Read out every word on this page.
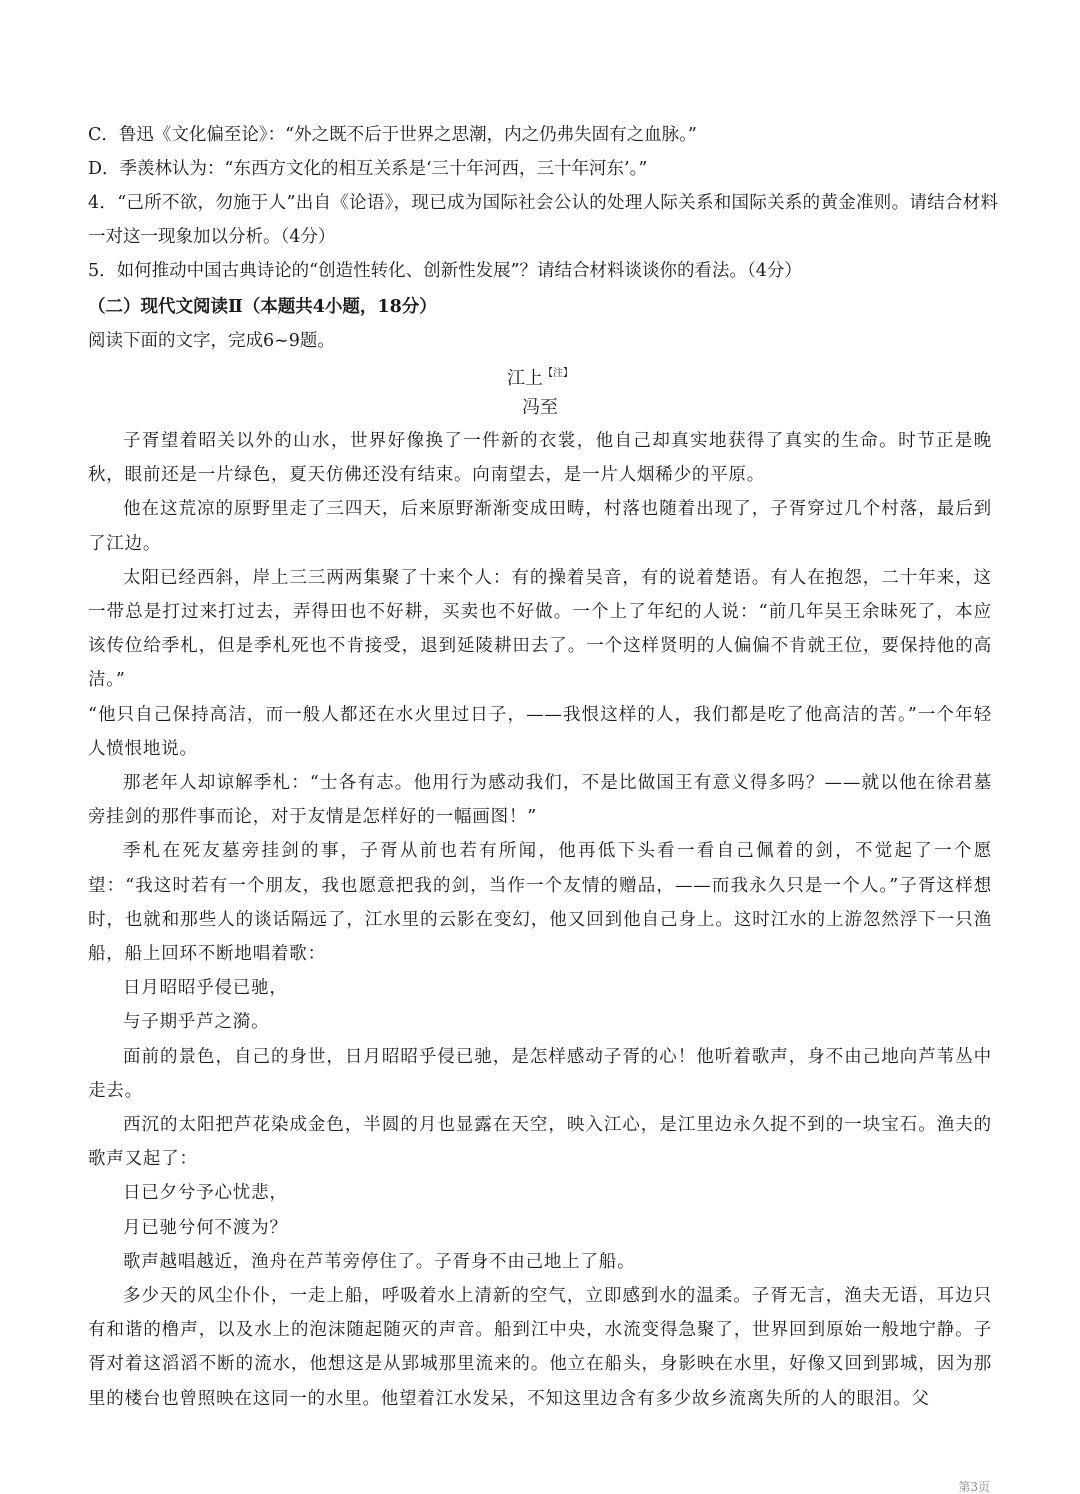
C．鲁迅《文化偏至论》：“外之既不后于世界之思潮，内之仍弗失固有之血脉。”

D．季羡林认为：“东西方文化的相互关系是‘三十年河西，三十年河东’。”

4．“己所不欲，勿施于人”出自《论语》，现已成为国际社会公认的处理人际关系和国际关系的黄金准则。请结合材料一对这一现象加以分析。（4分）

5．如何推动中国古典诗论的“创造性转化、创新性发展”？请结合材料谈谈你的看法。（4分）

（二）现代文阅读Ⅱ（本题共4小题，18分）
阅读下面的文字，完成6~9题。
江上$^{【注】}$
冯至

子胥望着昭关以外的山水，世界好像换了一件新的衣裳，他自己却真实地获得了真实的生命。时节正是晚秋，眼前还是一片绿色，夏天仿佛还没有结束。向南望去，是一片人烟稀少的平原。

他在这荒凉的原野里走了三四天，后来原野渐渐变成田畴，村落也随着出现了，子胥穿过几个村落，最后到了江边。

太阳已经西斜，岸上三三两两集聚了十来个人：有的操着吴音，有的说着楚语。有人在抱怨，二十年来，这一带总是打过来打过去，弄得田也不好耕，买卖也不好做。一个上了年纪的人说：“前几年吴王余昧死了，本应该传位给季札，但是季札死也不肯接受，退到延陵耕田去了。一个这样贤明的人偏偏不肯就王位，要保持他的高洁。”

“他只自己保持高洁，而一般人都还在水火里过日子，——我恨这样的人，我们都是吃了他高洁的苦。”一个年轻人愤恨地说。

那老年人却谅解季札：“士各有志。他用行为感动我们，不是比做国王有意义得多吗？——就以他在徐君墓旁挂剑的那件事而论，对于友情是怎样好的一幅画图！”

季札在死友墓旁挂剑的事，子胥从前也若有所闻，他再低下头看一看自己佩着的剑，不觉起了一个愿望：“我这时若有一个朋友，我也愿意把我的剑，当作一个友情的赠品，——而我永久只是一个人。”子胥这样想时，也就和那些人的谈话隔远了，江水里的云影在变幻，他又回到他自己身上。这时江水的上游忽然浮下一只渔船，船上回环不断地唱着歌：

日月昭昭乎侵已驰，

与子期乎芦之漪。

面前的景色，自己的身世，日月昭昭乎侵已驰，是怎样感动子胥的心！他听着歌声，身不由己地向芦苇丛中走去。

西沉的太阳把芦花染成金色，半圆的月也显露在天空，映入江心，是江里边永久捉不到的一块宝石。渔夫的歌声又起了：

日已夕兮予心忧悲，

月已驰兮何不渡为？

歌声越唱越近，渔舟在芦苇旁停住了。子胥身不由己地上了船。

多少天的风尘仆仆，一走上船，呼吸着水上清新的空气，立即感到水的温柔。子胥无言，渔夫无语，耳边只有和谐的橹声，以及水上的泡沫随起随灭的声音。船到江中央，水流变得急聚了，世界回到原始一般地宁静。子胥对着这滔滔不断的流水，他想这是从郢城那里流来的。他立在船头，身影映在水里，好像又回到郢城，因为那里的楼台也曾照映在这同一的水里。他望着江水发呆，不知这里边含有多少故乡流离失所的人的眼泪。父

第3页
